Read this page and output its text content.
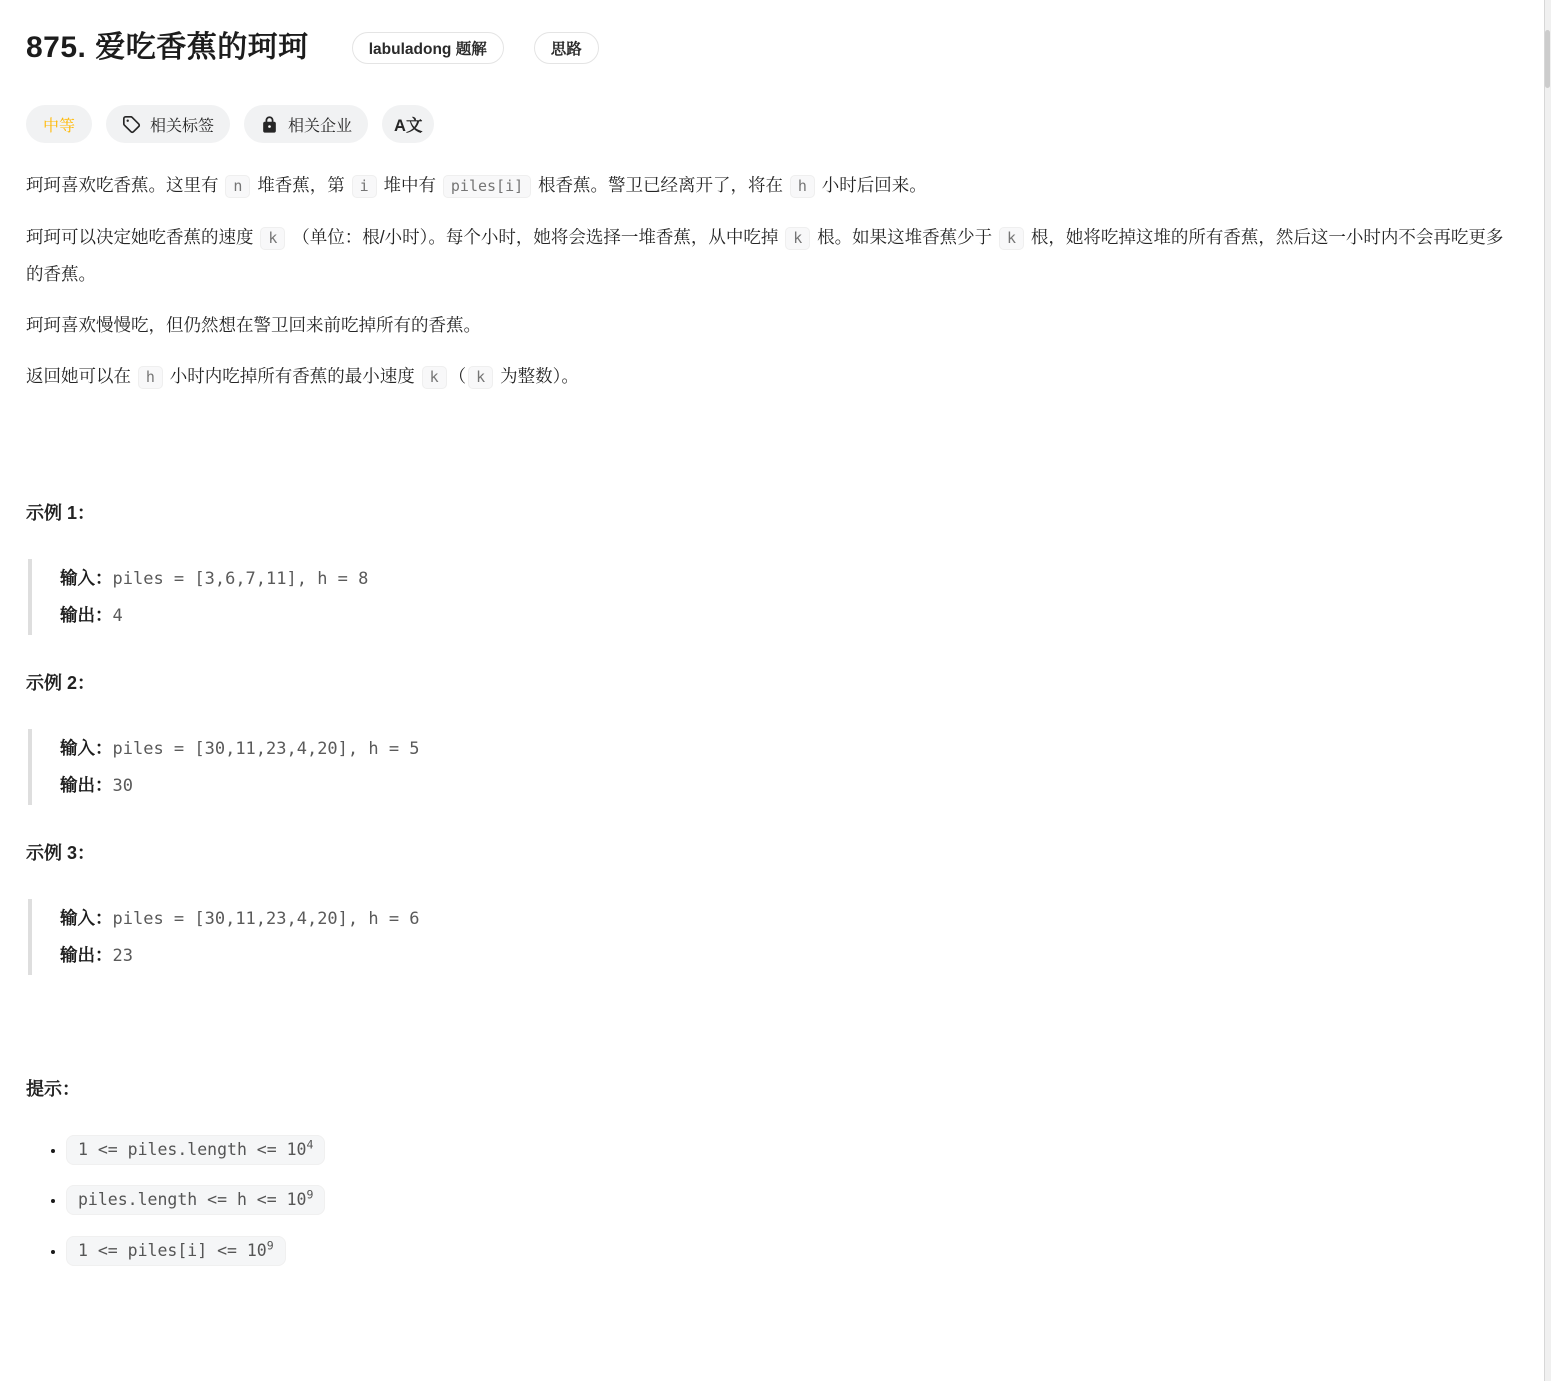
875. 爱吃香蕉的珂珂	labuladong 题解	思路
中等	相关标签	相关企业	A文

珂珂喜欢吃香蕉。这里有 n 堆香蕉，第 i 堆中有 piles[i] 根香蕉。警卫已经离开了，将在 h 小时后回来。

珂珂可以决定她吃香蕉的速度 k （单位：根/小时）。每个小时，她将会选择一堆香蕉，从中吃掉 k 根。如果这堆香蕉少于 k 根，她将吃掉这堆的所有香蕉，然后这一小时内不会再吃更多的香蕉。

珂珂喜欢慢慢吃，但仍然想在警卫回来前吃掉所有的香蕉。

返回她可以在 h 小时内吃掉所有香蕉的最小速度 k （ k 为整数）。

示例 1：
输入：piles = [3,6,7,11], h = 8
输出：4
示例 2：
输入：piles = [30,11,23,4,20], h = 5
输出：30
示例 3：
输入：piles = [30,11,23,4,20], h = 6
输出：23
提示：
• 1 <= piles.length <= $10^4$
• piles.length <= $h <= 10^9$
• 1 <= piles[i] <= $10^9$
